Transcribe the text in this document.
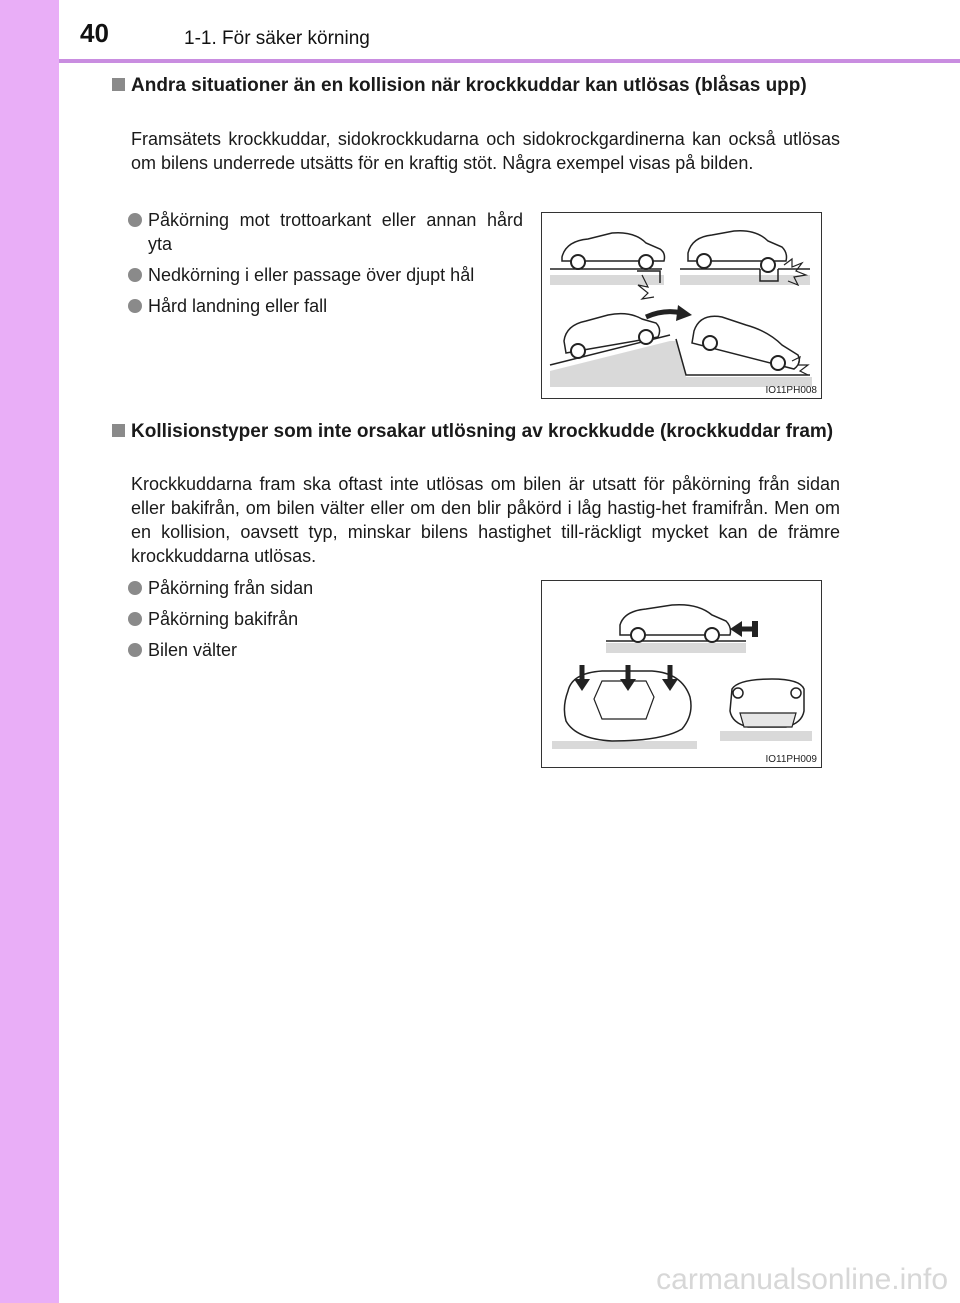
40	1-1. För säker körning
Andra situationer än en kollision när krockkuddar kan utlösas (blåsas upp)
Framsätets krockkuddar, sidokrockkudarna och sidokrockgardinerna kan också utlösas om bilens underrede utsätts för en kraftig stöt. Några exempel visas på bilden.
Påkörning mot trottoarkant eller annan hård yta
Nedkörning i eller passage över djupt hål
Hård landning eller fall
IO11PH008
Kollisionstyper som inte orsakar utlösning av krockkudde (krockkuddar fram)
Krockkuddarna fram ska oftast inte utlösas om bilen är utsatt för påkörning från sidan eller bakifrån, om bilen välter eller om den blir påkörd i låg hastig-het framifrån. Men om en kollision, oavsett typ, minskar bilens hastighet till-räckligt mycket kan de främre krockkuddarna utlösas.
Påkörning från sidan
Påkörning bakifrån
Bilen välter
IO11PH009
carmanualsonline.info
